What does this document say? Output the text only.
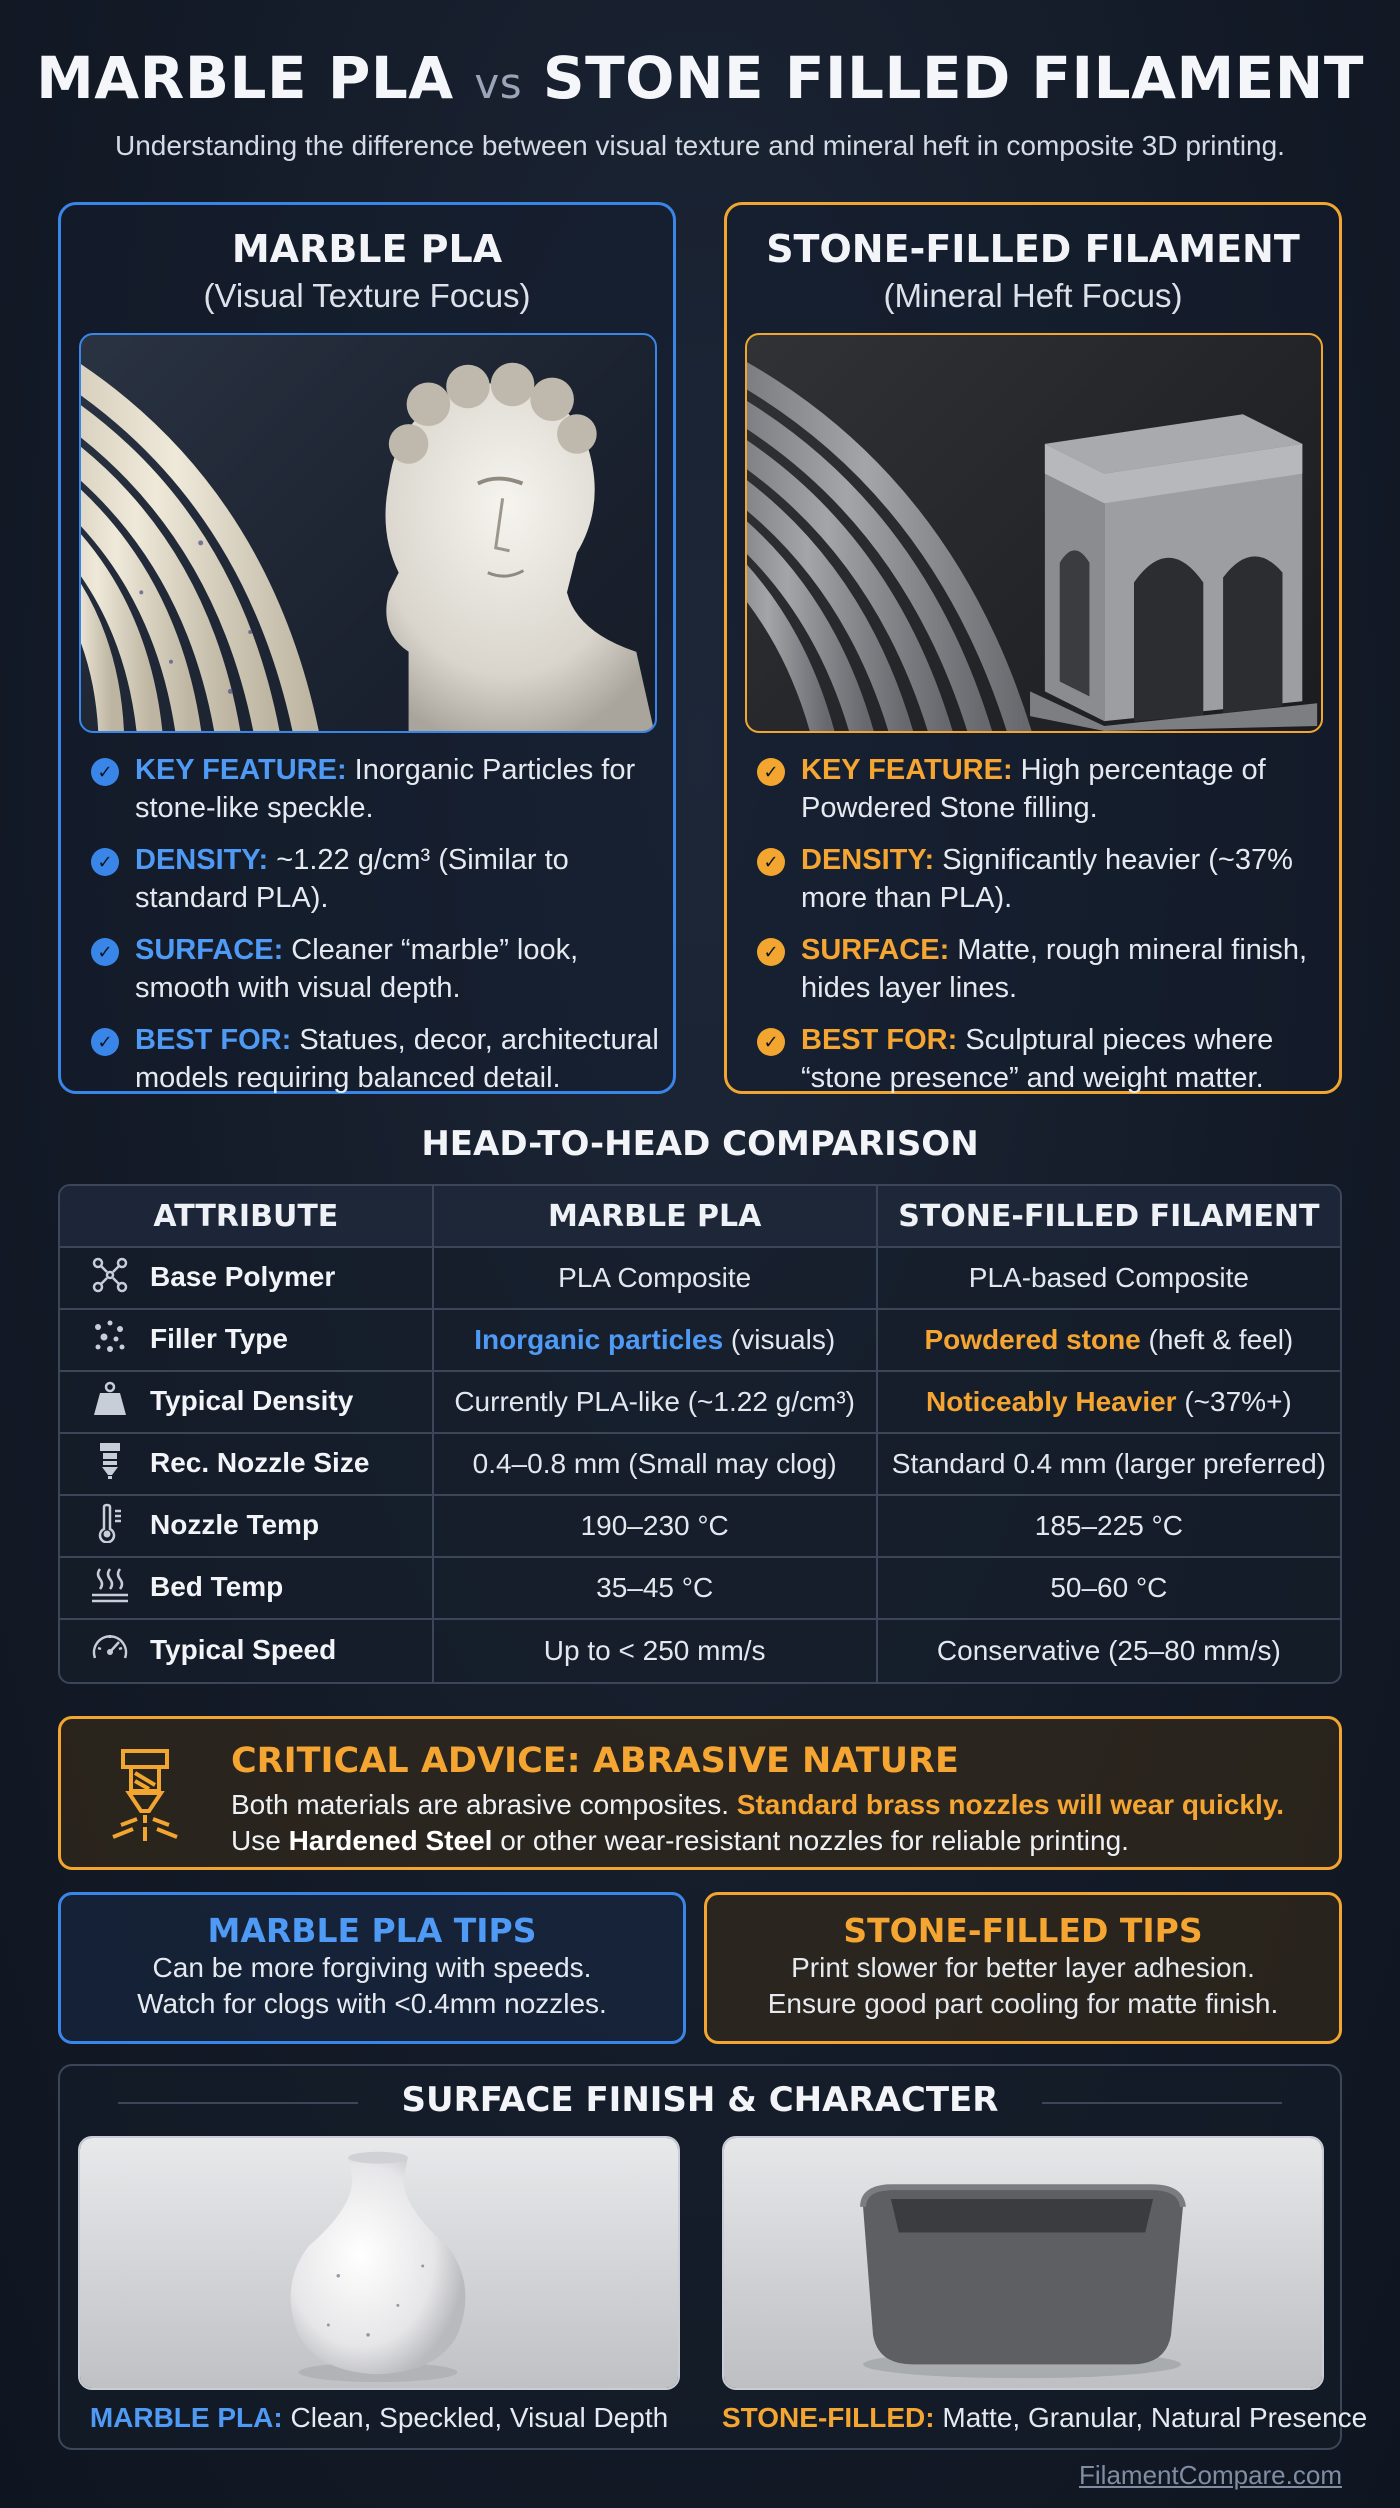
MARBLE PLA vs STONE FILLED FILAMENT
Understanding the difference between visual texture and mineral heft in composite 3D printing.
MARBLE PLA
(Visual Texture Focus)
✓ KEY FEATURE: Inorganic Particles for stone-like speckle.
✓ DENSITY: ~1.22 g/cm³ (Similar to standard PLA).
✓ SURFACE: Cleaner “marble” look, smooth with visual depth.
✓ BEST FOR: Statues, decor, architectural models requiring balanced detail.
STONE-FILLED FILAMENT
(Mineral Heft Focus)
✓ KEY FEATURE: High percentage of Powdered Stone filling.
✓ DENSITY: Significantly heavier (~37% more than PLA).
✓ SURFACE: Matte, rough mineral finish, hides layer lines.
✓ BEST FOR: Sculptural pieces where “stone presence” and weight matter.
HEAD-TO-HEAD COMPARISON
ATTRIBUTE	MARBLE PLA	STONE-FILLED FILAMENT
Base Polymer	PLA Composite	PLA-based Composite
Filler Type	Inorganic particles (visuals)	Powdered stone (heft & feel)
Typical Density	Currently PLA-like (~1.22 g/cm³)	Noticeably Heavier (~37%+)
Rec. Nozzle Size	0.4–0.8 mm (Small may clog)	Standard 0.4 mm (larger preferred)
Nozzle Temp	190–230 °C	185–225 °C
Bed Temp	35–45 °C	50–60 °C
Typical Speed	Up to < 250 mm/s	Conservative (25–80 mm/s)
CRITICAL ADVICE: ABRASIVE NATURE
Both materials are abrasive composites. Standard brass nozzles will wear quickly.
Use Hardened Steel or other wear-resistant nozzles for reliable printing.
MARBLE PLA TIPS
Can be more forgiving with speeds.
Watch for clogs with <0.4mm nozzles.
STONE-FILLED TIPS
Print slower for better layer adhesion.
Ensure good part cooling for matte finish.
SURFACE FINISH & CHARACTER
MARBLE PLA: Clean, Speckled, Visual Depth	STONE-FILLED: Matte, Granular, Natural Presence
FilamentCompare.com
